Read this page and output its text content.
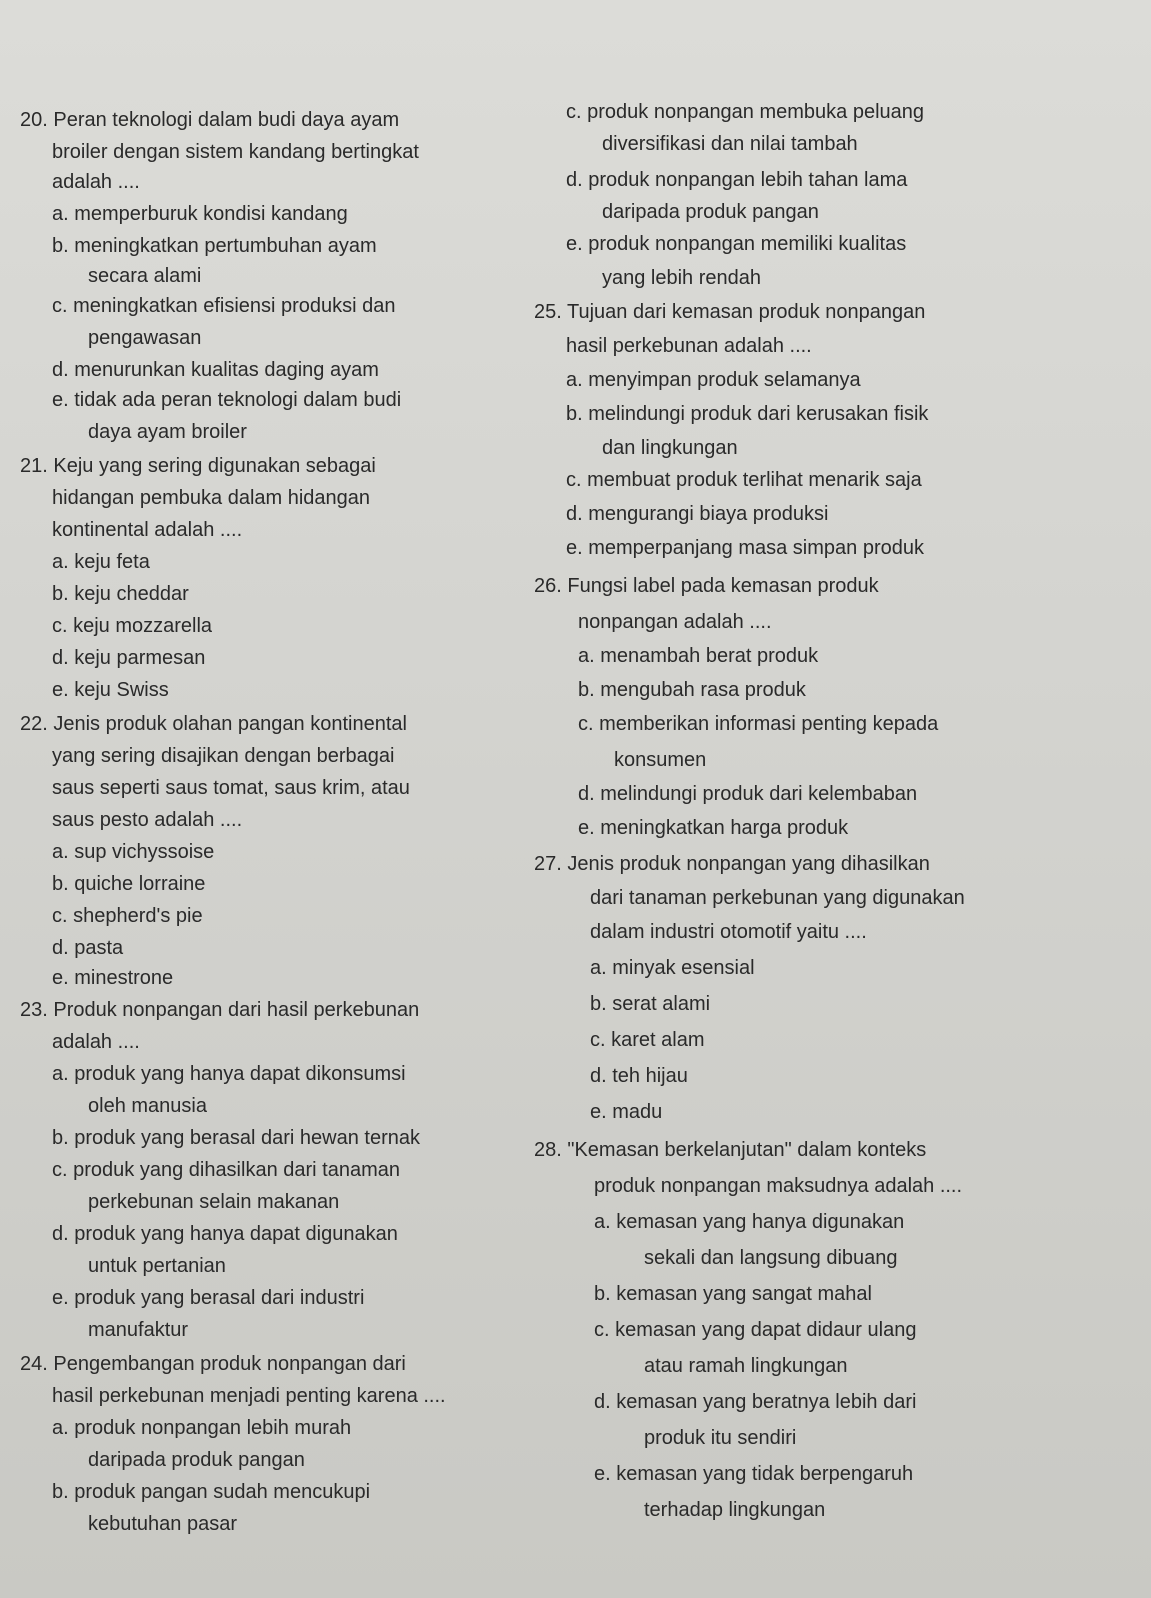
20. Peran teknologi dalam budi daya ayam
broiler dengan sistem kandang bertingkat
adalah ....
a. memperburuk kondisi kandang
b. meningkatkan pertumbuhan ayam
secara alami
c. meningkatkan efisiensi produksi dan
pengawasan
d. menurunkan kualitas daging ayam
e. tidak ada peran teknologi dalam budi
daya ayam broiler
21. Keju yang sering digunakan sebagai
hidangan pembuka dalam hidangan
kontinental adalah ....
a. keju feta
b. keju cheddar
c. keju mozzarella
d. keju parmesan
e. keju Swiss
22. Jenis produk olahan pangan kontinental
yang sering disajikan dengan berbagai
saus seperti saus tomat, saus krim, atau
saus pesto adalah ....
a. sup vichyssoise
b. quiche lorraine
c. shepherd's pie
d. pasta
e. minestrone
23. Produk nonpangan dari hasil perkebunan
adalah ....
a. produk yang hanya dapat dikonsumsi
oleh manusia
b. produk yang berasal dari hewan ternak
c. produk yang dihasilkan dari tanaman
perkebunan selain makanan
d. produk yang hanya dapat digunakan
untuk pertanian
e. produk yang berasal dari industri
manufaktur
24. Pengembangan produk nonpangan dari
hasil perkebunan menjadi penting karena ....
a. produk nonpangan lebih murah
daripada produk pangan
b. produk pangan sudah mencukupi
kebutuhan pasar
c. produk nonpangan membuka peluang
diversifikasi dan nilai tambah
d. produk nonpangan lebih tahan lama
daripada produk pangan
e. produk nonpangan memiliki kualitas
yang lebih rendah
25. Tujuan dari kemasan produk nonpangan
hasil perkebunan adalah ....
a. menyimpan produk selamanya
b. melindungi produk dari kerusakan fisik
dan lingkungan
c. membuat produk terlihat menarik saja
d. mengurangi biaya produksi
e. memperpanjang masa simpan produk
26. Fungsi label pada kemasan produk
nonpangan adalah ....
a. menambah berat produk
b. mengubah rasa produk
c. memberikan informasi penting kepada
konsumen
d. melindungi produk dari kelembaban
e. meningkatkan harga produk
27. Jenis produk nonpangan yang dihasilkan
dari tanaman perkebunan yang digunakan
dalam industri otomotif yaitu ....
a. minyak esensial
b. serat alami
c. karet alam
d. teh hijau
e. madu
28. "Kemasan berkelanjutan" dalam konteks
produk nonpangan maksudnya adalah ....
a. kemasan yang hanya digunakan
sekali dan langsung dibuang
b. kemasan yang sangat mahal
c. kemasan yang dapat didaur ulang
atau ramah lingkungan
d. kemasan yang beratnya lebih dari
produk itu sendiri
e. kemasan yang tidak berpengaruh
terhadap lingkungan
